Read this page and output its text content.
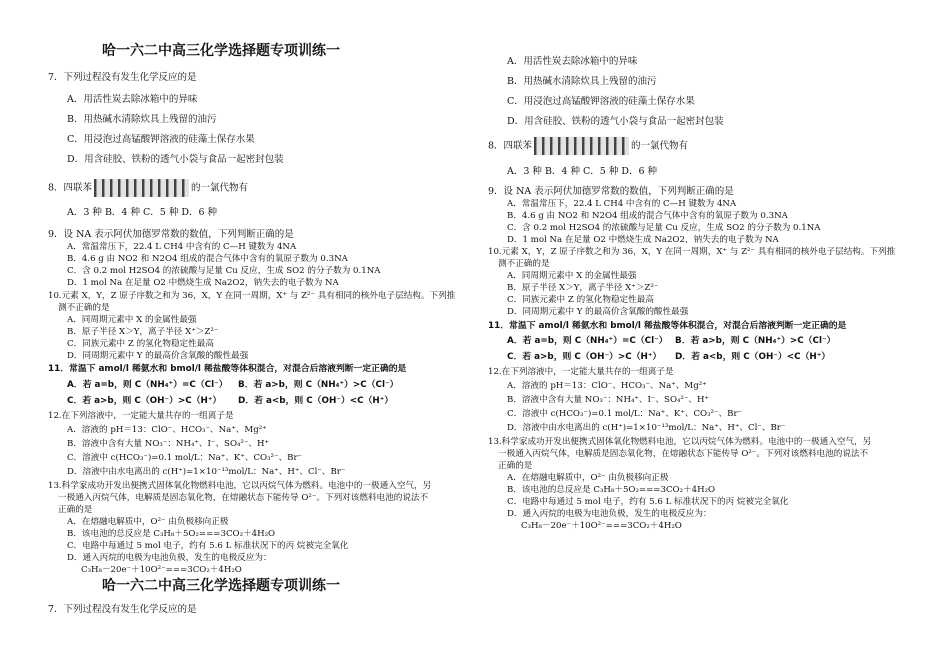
哈一六二中高三化学选择题专项训练一
7．下列过程没有发生化学反应的是
A．用活性炭去除冰箱中的异味
B．用热碱水清除炊具上残留的油污
C．用浸泡过高锰酸钾溶液的硅藻土保存水果
D．用含硅胶、铁粉的透气小袋与食品一起密封包装
8．四联苯	的一氯代物有
A．3 种 B．4 种 C．5 种 D．6 种
9．设 NA 表示阿伏加德罗常数的数值，下列判断正确的是
A．常温常压下，22.4 L CH4 中含有的 C—H 键数为 4NA
B．4.6 g 由 NO2 和 N2O4 组成的混合气体中含有的氧原子数为 0.3NA
C．含 0.2 mol H2SO4 的浓硫酸与足量 Cu 反应，生成 SO2 的分子数为 0.1NA
D．1 mol Na 在足量 O2 中燃烧生成 Na2O2，钠失去的电子数为 NA
10.元素 X，Y，Z 原子序数之和为 36，X，Y 在同一周期，X⁺ 与 Z²⁻ 具有相同的核外电子层结构。下列推
测不正确的是
A．同周期元素中 X 的金属性最强
B．原子半径 X＞Y，离子半径 X⁺＞Z²⁻
C．同族元素中 Z 的氢化物稳定性最高
D．同周期元素中 Y 的最高价含氧酸的酸性最强
11．常温下 amol/l 稀氨水和 bmol/l 稀盐酸等体积混合，对混合后溶液判断一定正确的是
A．若 a=b，则 C（NH₄⁺）=C（Cl⁻） B．若 a>b，则 C（NH₄⁺）>C（Cl⁻）
C．若 a>b，则 C（OH⁻）>C（H⁺） D．若 a<b，则 C（OH⁻）<C（H⁺）
12.在下列溶液中，一定能大量共存的一组离子是
A．溶液的 pH＝13：ClO⁻、HCO₃⁻、Na⁺、Mg²⁺
B．溶液中含有大量 NO₃⁻：NH₄⁺、I⁻、SO₄²⁻、H⁺
C．溶液中 c(HCO₃⁻)=0.1 mol/L：Na⁺、K⁺、CO₃²⁻、Br⁻
D．溶液中由水电离出的 c(H⁺)=1×10⁻¹³mol/L：Na⁺、H⁺、Cl⁻、Br⁻
13.科学家成功开发出便携式固体氧化物燃料电池，它以丙烷气体为燃料。电池中的一极通入空气，另
一极通入丙烷气体，电解质是固态氧化物，在熔融状态下能传导 O²⁻。下列对该燃料电池的说法不
正确的是
A．在熔融电解质中，O²⁻ 由负极移向正极
B．该电池的总反应是 C₃H₈＋5O₂===3CO₂＋4H₂O
C．电路中每通过 5 mol 电子，约有 5.6 L 标准状况下的丙 烷被完全氧化
D．通入丙烷的电极为电池负极，发生的电极反应为：
C₃H₈－20e⁻＋10O²⁻===3CO₂＋4H₂O
哈一六二中高三化学选择题专项训练一
7．下列过程没有发生化学反应的是
A．用活性炭去除冰箱中的异味
B．用热碱水清除炊具上残留的油污
C．用浸泡过高锰酸钾溶液的硅藻土保存水果
D．用含硅胶、铁粉的透气小袋与食品一起密封包装
8．四联苯	的一氯代物有
A．3 种 B．4 种 C．5 种 D．6 种
9．设 NA 表示阿伏加德罗常数的数值，下列判断正确的是
A．常温常压下，22.4 L CH4 中含有的 C—H 键数为 4NA
B．4.6 g 由 NO2 和 N2O4 组成的混合气体中含有的氧原子数为 0.3NA
C．含 0.2 mol H2SO4 的浓硫酸与足量 Cu 反应，生成 SO2 的分子数为 0.1NA
D．1 mol Na 在足量 O2 中燃烧生成 Na2O2，钠失去的电子数为 NA
10.元素 X，Y，Z 原子序数之和为 36，X，Y 在同一周期，X⁺ 与 Z²⁻ 具有相同的核外电子层结构。下列推
测不正确的是
A．同周期元素中 X 的金属性最强
B．原子半径 X＞Y，离子半径 X⁺＞Z²⁻
C．同族元素中 Z 的氢化物稳定性最高
D．同周期元素中 Y 的最高价含氧酸的酸性最强
11．常温下 amol/l 稀氨水和 bmol/l 稀盐酸等体积混合，对混合后溶液判断一定正确的是
A．若 a=b，则 C（NH₄⁺）=C（Cl⁻） B．若 a>b，则 C（NH₄⁺）>C（Cl⁻）
C．若 a>b，则 C（OH⁻）>C（H⁺） D．若 a<b，则 C（OH⁻）<C（H⁺）
12.在下列溶液中，一定能大量共存的一组离子是
A．溶液的 pH＝13：ClO⁻、HCO₃⁻、Na⁺、Mg²⁺
B．溶液中含有大量 NO₃⁻：NH₄⁺、I⁻、SO₄²⁻、H⁺
C．溶液中 c(HCO₃⁻)=0.1 mol/L：Na⁺、K⁺、CO₃²⁻、Br⁻
D．溶液中由水电离出的 c(H⁺)=1×10⁻¹³mol/L：Na⁺、H⁺、Cl⁻、Br⁻
13.科学家成功开发出便携式固体氧化物燃料电池，它以丙烷气体为燃料。电池中的一极通入空气，另
一极通入丙烷气体，电解质是固态氧化物，在熔融状态下能传导 O²⁻。下列对该燃料电池的说法不
正确的是
A．在熔融电解质中，O²⁻ 由负极移向正极
B．该电池的总反应是 C₃H₈＋5O₂===3CO₂＋4H₂O
C．电路中每通过 5 mol 电子，约有 5.6 L 标准状况下的丙 烷被完全氧化
D．通入丙烷的电极为电池负极，发生的电极反应为：
C₃H₈－20e⁻＋10O²⁻===3CO₂＋4H₂O
